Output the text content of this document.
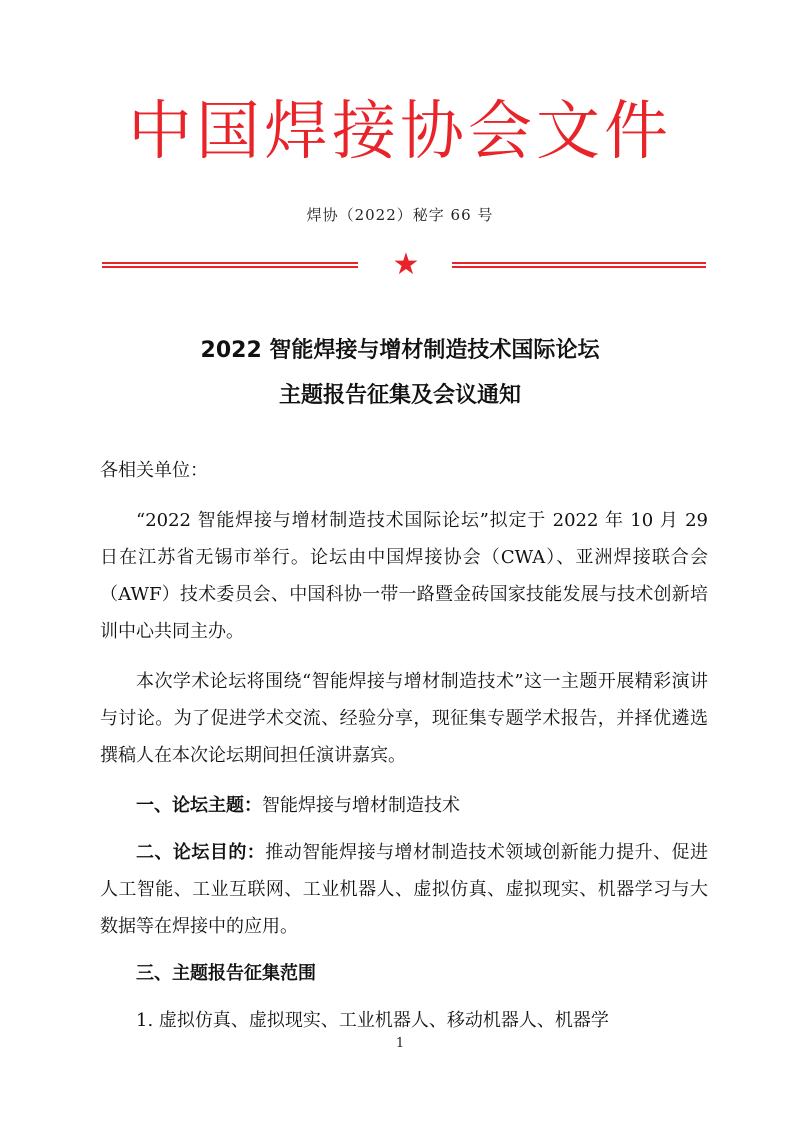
中国焊接协会文件
焊协（2022）秘字 66 号
★
2022 智能焊接与增材制造技术国际论坛
主题报告征集及会议通知
各相关单位：

“2022 智能焊接与增材制造技术国际论坛”拟定于 2022 年 10 月 29 日在江苏省无锡市举行。论坛由中国焊接协会（CWA）、亚洲焊接联合会（AWF）技术委员会、中国科协一带一路暨金砖国家技能发展与技术创新培训中心共同主办。

本次学术论坛将围绕“智能焊接与增材制造技术”这一主题开展精彩演讲与讨论。为了促进学术交流、经验分享，现征集专题学术报告，并择优遴选撰稿人在本次论坛期间担任演讲嘉宾。

一、论坛主题：智能焊接与增材制造技术

二、论坛目的：推动智能焊接与增材制造技术领域创新能力提升、促进人工智能、工业互联网、工业机器人、虚拟仿真、虚拟现实、机器学习与大数据等在焊接中的应用。

三、主题报告征集范围

1. 虚拟仿真、虚拟现实、工业机器人、移动机器人、机器学

1
